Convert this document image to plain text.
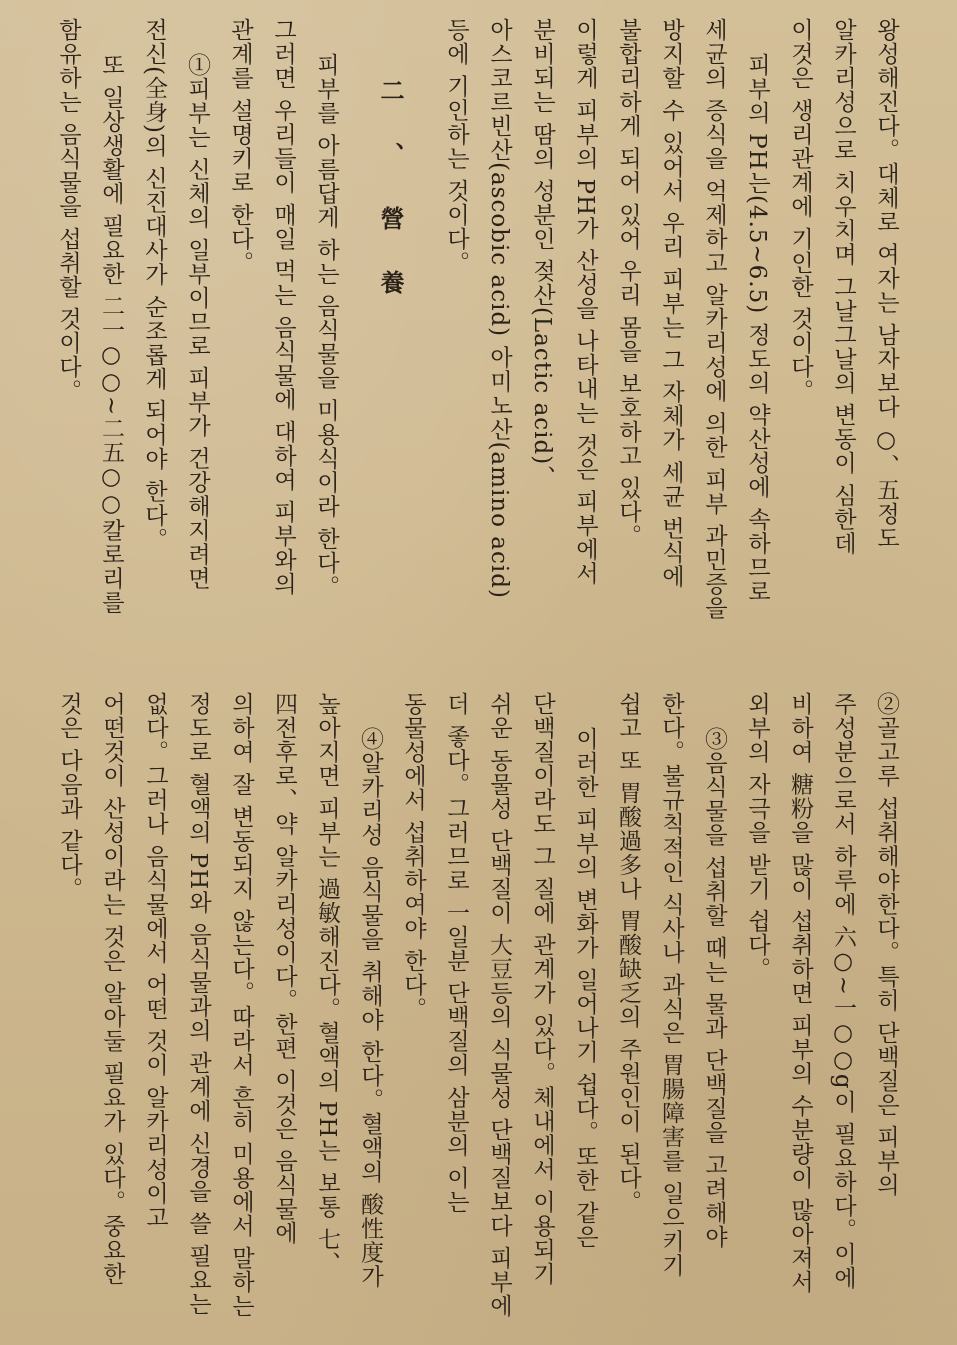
왕성해진다。대체로 여자는 남자보다 ○、五정도 알카리성으로 치우치며 그날그날의 변동이 심한데 이것은 생리관계에 기인한 것이다。

피부의 PH는(4.5~6.5) 정도의 약산성에 속하므로 세균의 증식을 억제하고 알카리성에 의한 피부 과민증을 방지할 수 있어서 우리 피부는 그 자체가 세균 번식에 불합리하게 되어 있어 우리 몸을 보호하고 있다。 이렇게 피부의 PH가 산성을 나타내는 것은 피부에서 분비되는 땀의 성분인 젖산(Lactic acid)、아스코르빈산(ascobic acid) 아미노산(amino acid)등에 기인하는 것이다。

二、營養

피부를 아름답게 하는 음식물을 미용식이라 한다。그러면 우리들이 매일 먹는 음식물에 대하여 피부와의 관계를 설명키로 한다。

①피부는 신체의 일부이므로 피부가 건강해지려면 전신(全身)의 신진대사가 순조롭게 되어야 한다。

또 일상생활에 필요한 二一○○~二五○○칼로리를 함유하는 음식물을 섭취할 것이다。

②골고루 섭취해야한다。특히 단백질은 피부의 주성분으로서 하루에 六○~一○○g이 필요하다。이에 비하여 糖粉을 많이 섭취하면 피부의 수분량이 많아져서 외부의 자극을 받기 쉽다。

③음식물을 섭취할 때는 물과 단백질을 고려해야 한다。불규칙적인 식사나 과식은 胃腸障害를 일으키기 쉽고 또 胃酸過多나 胃酸缺乏의 주원인이 된다。

이러한 피부의 변화가 일어나기 쉽다。또한 같은 단백질이라도 그 질에 관계가 있다。체내에서 이용되기 쉬운 동물성 단백질이 大豆등의 식물성 단백질보다 피부에 더 좋다。그러므로 一일분 단백질의 삼분의 이는 동물성에서 섭취하여야 한다。

④알카리성 음식물을 취해야 한다。혈액의 酸性度가 높아지면 피부는 過敏해진다。혈액의 PH는 보통 七、四전후로、약 알카리성이다。한편 이것은 음식물에 의하여 잘 변동되지 않는다。따라서 흔히 미용에서 말하는 정도로 혈액의 PH와 음식물과의 관계에 신경을 쓸 필요는 없다。그러나 음식물에서 어떤 것이 알카리성이고 어떤것이 산성이라는 것은 알아둘 필요가 있다。중요한 것은 다음과 같다。
